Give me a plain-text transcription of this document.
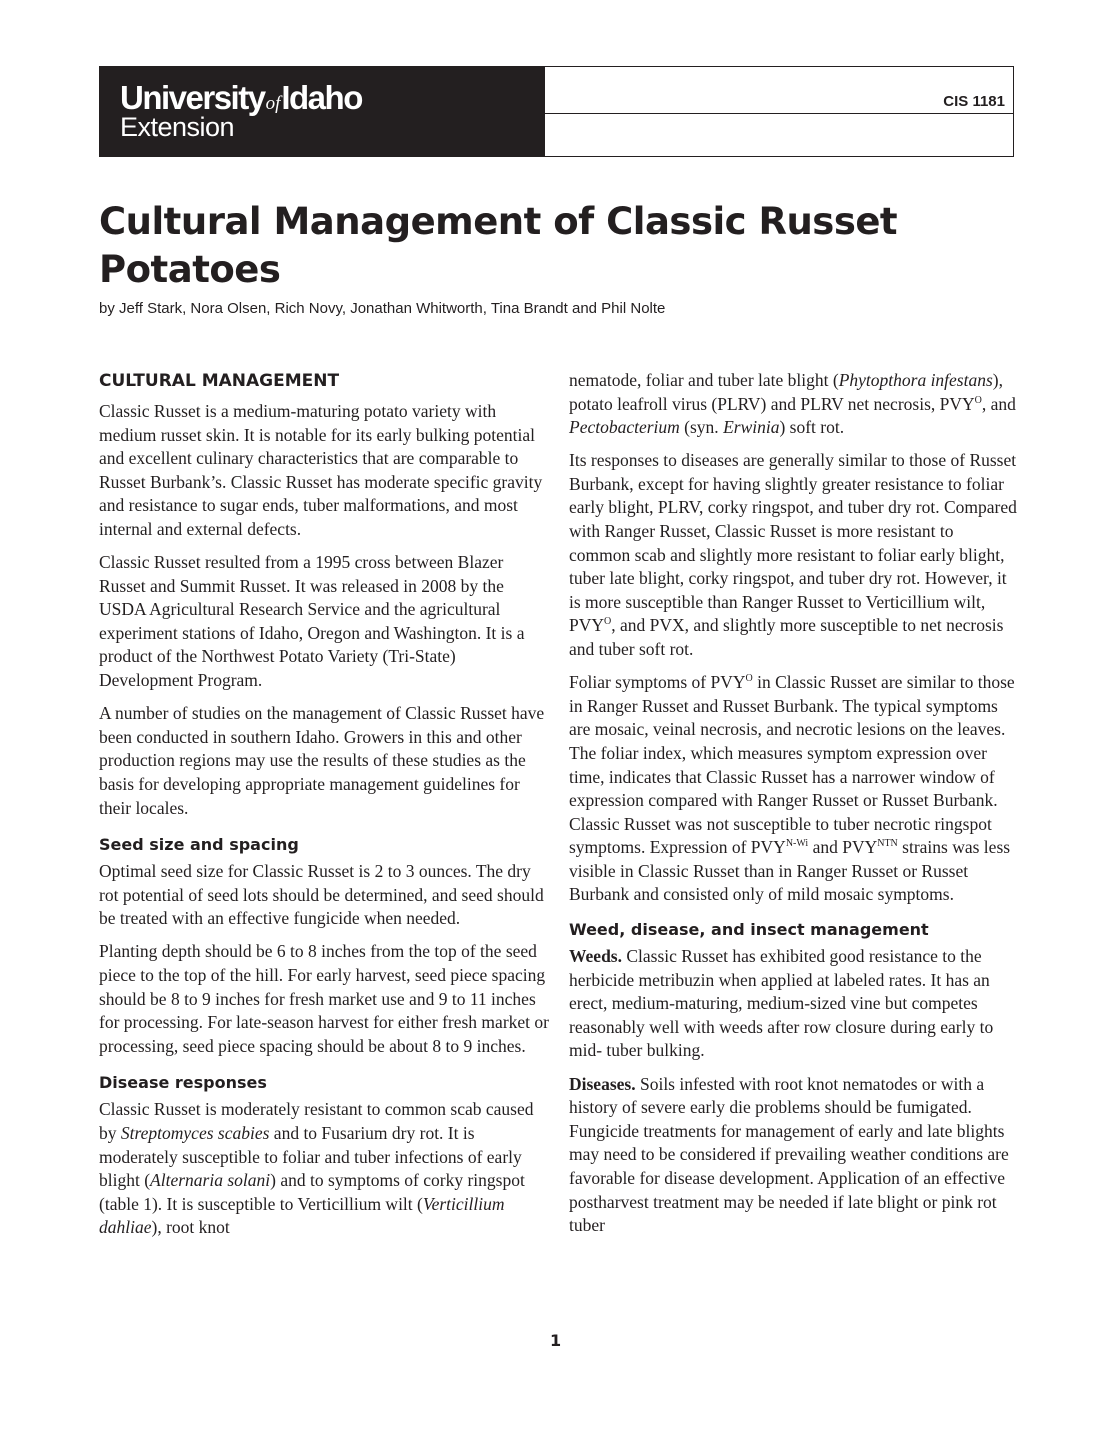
UniversityofIdaho
Extension
CIS 1181
Cultural Management of Classic Russet Potatoes
by Jeff Stark, Nora Olsen, Rich Novy, Jonathan Whitworth, Tina Brandt and Phil Nolte
CULTURAL MANAGEMENT

Classic Russet is a medium-maturing potato variety with medium russet skin. It is notable for its early bulking potential and excellent culinary characteristics that are comparable to Russet Burbank’s. Classic Russet has moderate specific gravity and resistance to sugar ends, tuber malformations, and most internal and external defects.

Classic Russet resulted from a 1995 cross between Blazer Russet and Summit Russet. It was released in 2008 by the USDA Agricultural Research Service and the agricultural experiment stations of Idaho, Oregon and Washington. It is a product of the Northwest Potato Variety (Tri-State) Development Program.

A number of studies on the management of Classic Russet have been conducted in southern Idaho. Growers in this and other production regions may use the results of these studies as the basis for developing appropriate management guidelines for their locales.

Seed size and spacing

Optimal seed size for Classic Russet is 2 to 3 ounces. The dry rot potential of seed lots should be determined, and seed should be treated with an effective fungicide when needed.

Planting depth should be 6 to 8 inches from the top of the seed piece to the top of the hill. For early harvest, seed piece spacing should be 8 to 9 inches for fresh market use and 9 to 11 inches for processing. For late-season harvest for either fresh market or processing, seed piece spacing should be about 8 to 9 inches.

Disease responses

Classic Russet is moderately resistant to common scab caused by Streptomyces scabies and to Fusarium dry rot. It is moderately susceptible to foliar and tuber infections of early blight (Alternaria solani) and to symptoms of corky ringspot (table 1). It is susceptible to Verticillium wilt (Verticillium dahliae), root knot

nematode, foliar and tuber late blight (Phytopthora infestans), potato leafroll virus (PLRV) and PLRV net necrosis, $PVY^O$, and Pectobacterium (syn. Erwinia) soft rot.

Its responses to diseases are generally similar to those of Russet Burbank, except for having slightly greater resistance to foliar early blight, PLRV, corky ringspot, and tuber dry rot. Compared with Ranger Russet, Classic Russet is more resistant to common scab and slightly more resistant to foliar early blight, tuber late blight, corky ringspot, and tuber dry rot. However, it is more susceptible than Ranger Russet to Verticillium wilt, $PVY^O$, and PVX, and slightly more susceptible to net necrosis and tuber soft rot.

Foliar symptoms of $PVY^O$ in Classic Russet are similar to those in Ranger Russet and Russet Burbank. The typical symptoms are mosaic, veinal necrosis, and necrotic lesions on the leaves. The foliar index, which measures symptom expression over time, indicates that Classic Russet has a narrower window of expression compared with Ranger Russet or Russet Burbank. Classic Russet was not susceptible to tuber necrotic ringspot symptoms. Expression of $PVY^{N-Wi}$ and $PVY^{NTN}$ strains was less visible in Classic Russet than in Ranger Russet or Russet Burbank and consisted only of mild mosaic symptoms.

Weed, disease, and insect management

Weeds. Classic Russet has exhibited good resistance to the herbicide metribuzin when applied at labeled rates. It has an erect, medium-maturing, medium-sized vine but competes reasonably well with weeds after row closure during early to mid- tuber bulking.

Diseases. Soils infested with root knot nematodes or with a history of severe early die problems should be fumigated. Fungicide treatments for management of early and late blights may need to be considered if prevailing weather conditions are favorable for disease development. Application of an effective postharvest treatment may be needed if late blight or pink rot tuber

1
